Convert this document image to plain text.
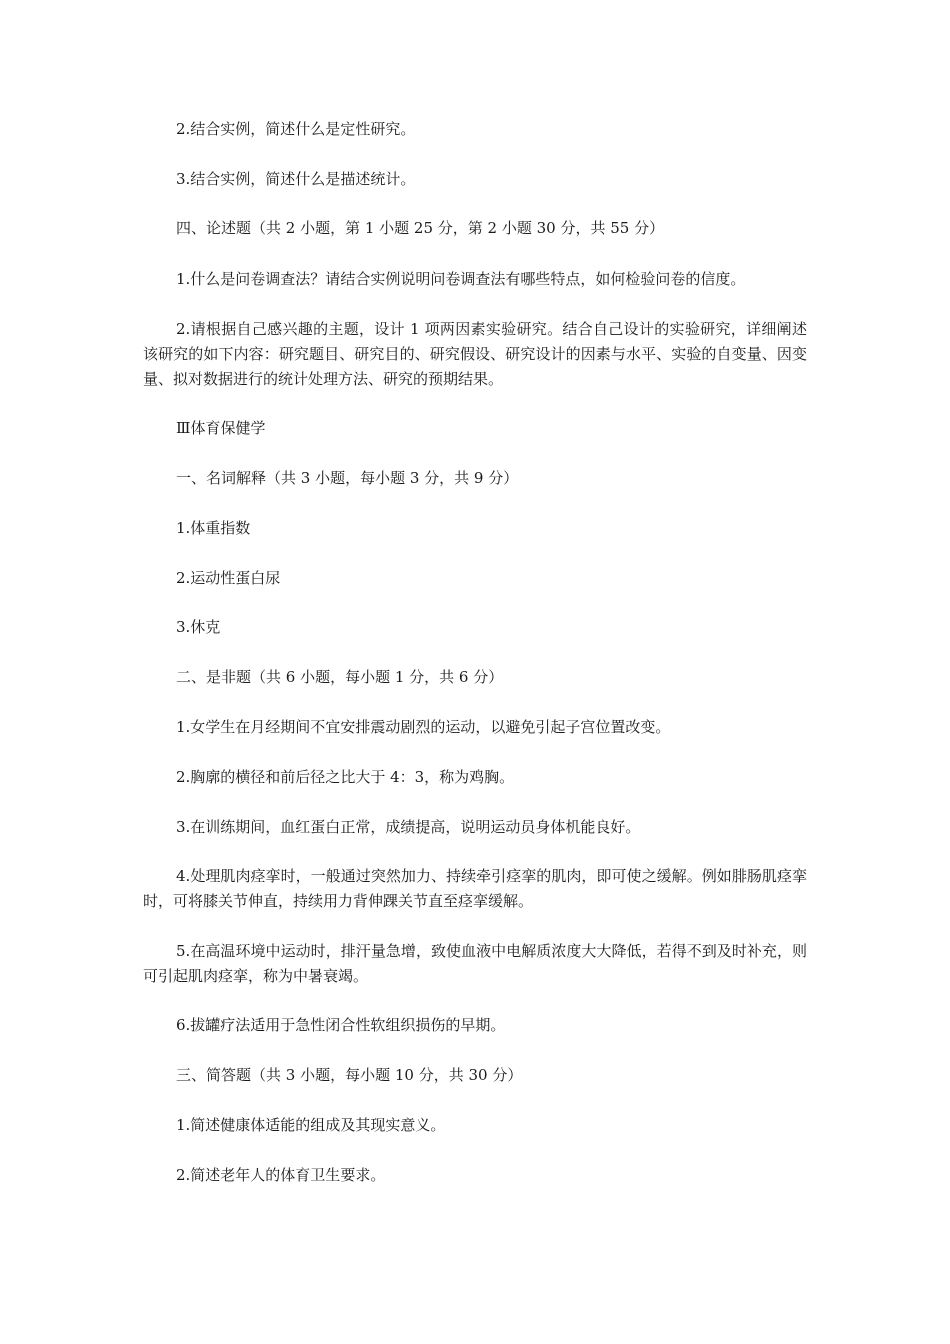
2.结合实例，简述什么是定性研究。

3.结合实例，简述什么是描述统计。

四、论述题（共 2 小题，第 1 小题 25 分，第 2 小题 30 分，共 55 分）

1.什么是问卷调查法？请结合实例说明问卷调查法有哪些特点，如何检验问卷的信度。

2.请根据自己感兴趣的主题，设计 1 项两因素实验研究。结合自己设计的实验研究，详细阐述该研究的如下内容：研究题目、研究目的、研究假设、研究设计的因素与水平、实验的自变量、因变量、拟对数据进行的统计处理方法、研究的预期结果。

Ⅲ体育保健学

一、名词解释（共 3 小题，每小题 3 分，共 9 分）

1.体重指数

2.运动性蛋白尿

3.休克

二、是非题（共 6 小题，每小题 1 分，共 6 分）

1.女学生在月经期间不宜安排震动剧烈的运动，以避免引起子宫位置改变。

2.胸廓的横径和前后径之比大于 4：3，称为鸡胸。

3.在训练期间，血红蛋白正常，成绩提高，说明运动员身体机能良好。

4.处理肌肉痉挛时，一般通过突然加力、持续牵引痉挛的肌肉，即可使之缓解。例如腓肠肌痉挛时，可将膝关节伸直，持续用力背伸踝关节直至痉挛缓解。

5.在高温环境中运动时，排汗量急增，致使血液中电解质浓度大大降低，若得不到及时补充，则可引起肌肉痉挛，称为中暑衰竭。

6.拔罐疗法适用于急性闭合性软组织损伤的早期。

三、简答题（共 3 小题，每小题 10 分，共 30 分）

1.简述健康体适能的组成及其现实意义。

2.简述老年人的体育卫生要求。
